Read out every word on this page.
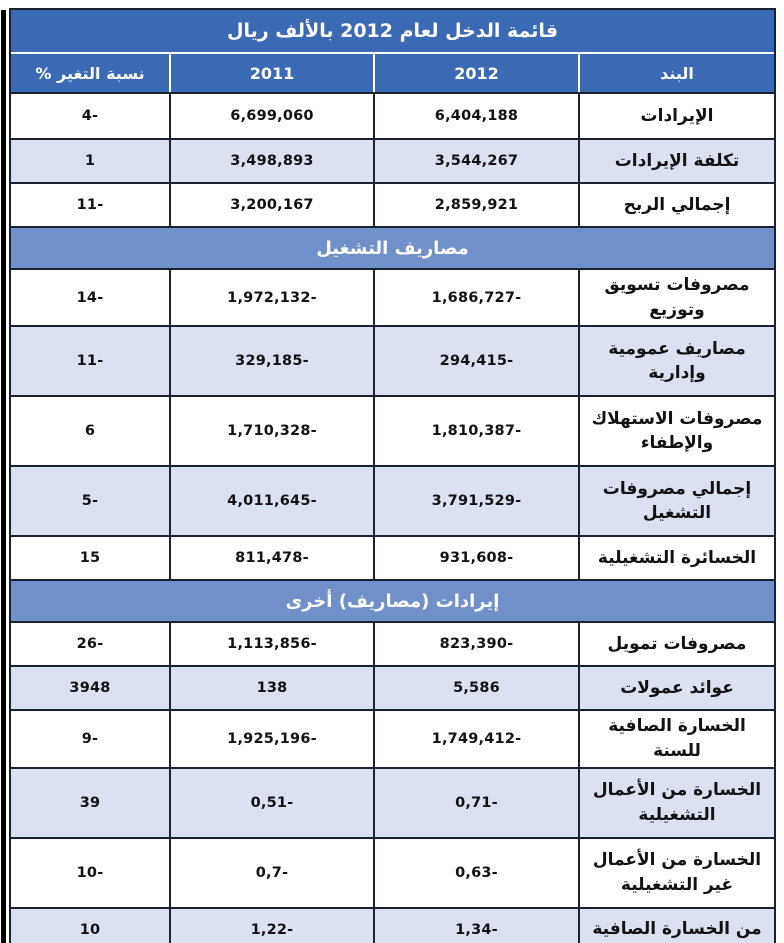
قائمة الدخل لعام 2012 بالألف ريال
البند
2012
2011
نسبة التغير %
الإيرادات
6,404,188
6,699,060
4-
تكلفة الإيرادات
3,544,267
3,498,893
1
إجمالي الربح
2,859,921
3,200,167
11-
مصاريف التشغيل
مصروفات تسويق وتوزيع
1,686,727-
1,972,132-
14-
مصاريف عمومية وإدارية
294,415-
329,185-
11-
مصروفات الاستهلاك والإطفاء
1,810,387-
1,710,328-
6
إجمالي مصروفات التشغيل
3,791,529-
4,011,645-
5-
الخسائرة التشغيلية
931,608-
811,478-
15
إيرادات (مصاريف) أخرى
مصروفات تمويل
823,390-
1,113,856-
26-
عوائد عمولات
5,586
138
3948
الخسارة الصافية للسنة
1,749,412-
1,925,196-
9-
الخسارة من الأعمال التشغيلية
0,71-
0,51-
39
الخسارة من الأعمال غير التشغيلية
0,63-
0,7-
10-
من الخسارة الصافية
1,34-
1,22-
10
